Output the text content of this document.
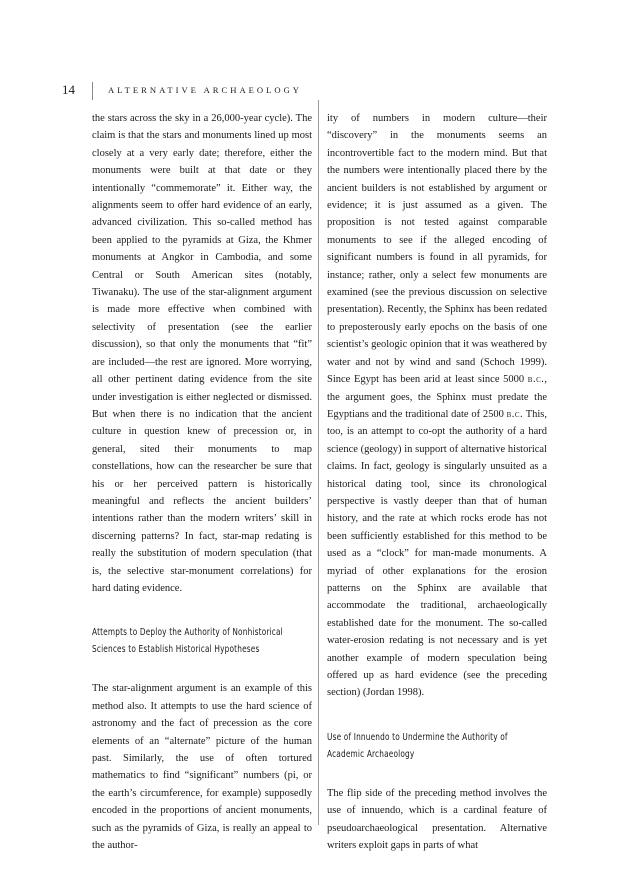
14	ALTERNATIVE ARCHAEOLOGY

the stars across the sky in a 26,000-year cycle). The claim is that the stars and monuments lined up most closely at a very early date; therefore, either the monuments were built at that date or they intentionally “commemorate” it. Either way, the alignments seem to offer hard evidence of an early, advanced civilization. This so-called method has been applied to the pyramids at Giza, the Khmer monuments at Angkor in Cambodia, and some Central or South American sites (notably, Tiwanaku). The use of the star-alignment argument is made more effective when combined with selectivity of presentation (see the earlier discussion), so that only the monuments that “fit” are included—the rest are ignored. More worrying, all other pertinent dating evidence from the site under investigation is either neglected or dismissed. But when there is no indication that the ancient culture in question knew of precession or, in general, sited their monuments to map constellations, how can the researcher be sure that his or her perceived pattern is historically meaningful and reflects the ancient builders’ intentions rather than the modern writers’ skill in discerning patterns? In fact, star-map redating is really the substitution of modern speculation (that is, the selective star-monument correlations) for hard dating evidence.

Attempts to Deploy the Authority of Nonhistorical Sciences to Establish Historical Hypotheses

The star-alignment argument is an example of this method also. It attempts to use the hard science of astronomy and the fact of precession as the core elements of an “alternate” picture of the human past. Similarly, the use of often tortured mathematics to find “significant” numbers (pi, or the earth’s circumference, for example) supposedly encoded in the proportions of ancient monuments, such as the pyramids of Giza, is really an appeal to the author-

ity of numbers in modern culture—their “discovery” in the monuments seems an incontrovertible fact to the modern mind. But that the numbers were intentionally placed there by the ancient builders is not established by argument or evidence; it is just assumed as a given. The proposition is not tested against comparable monuments to see if the alleged encoding of significant numbers is found in all pyramids, for instance; rather, only a select few monuments are examined (see the previous discussion on selective presentation). Recently, the Sphinx has been redated to preposterously early epochs on the basis of one scientist’s geologic opinion that it was weathered by water and not by wind and sand (Schoch 1999). Since Egypt has been arid at least since 5000 b.c., the argument goes, the Sphinx must predate the Egyptians and the traditional date of 2500 b.c. This, too, is an attempt to co-opt the authority of a hard science (geology) in support of alternative historical claims. In fact, geology is singularly unsuited as a historical dating tool, since its chronological perspective is vastly deeper than that of human history, and the rate at which rocks erode has not been sufficiently established for this method to be used as a “clock” for man-made monuments. A myriad of other explanations for the erosion patterns on the Sphinx are available that accommodate the traditional, archaeologically established date for the monument. The so-called water-erosion redating is not necessary and is yet another example of modern speculation being offered up as hard evidence (see the preceding section) (Jordan 1998).

Use of Innuendo to Undermine the Authority of Academic Archaeology

The flip side of the preceding method involves the use of innuendo, which is a cardinal feature of pseudoarchaeological presentation. Alternative writers exploit gaps in parts of what
